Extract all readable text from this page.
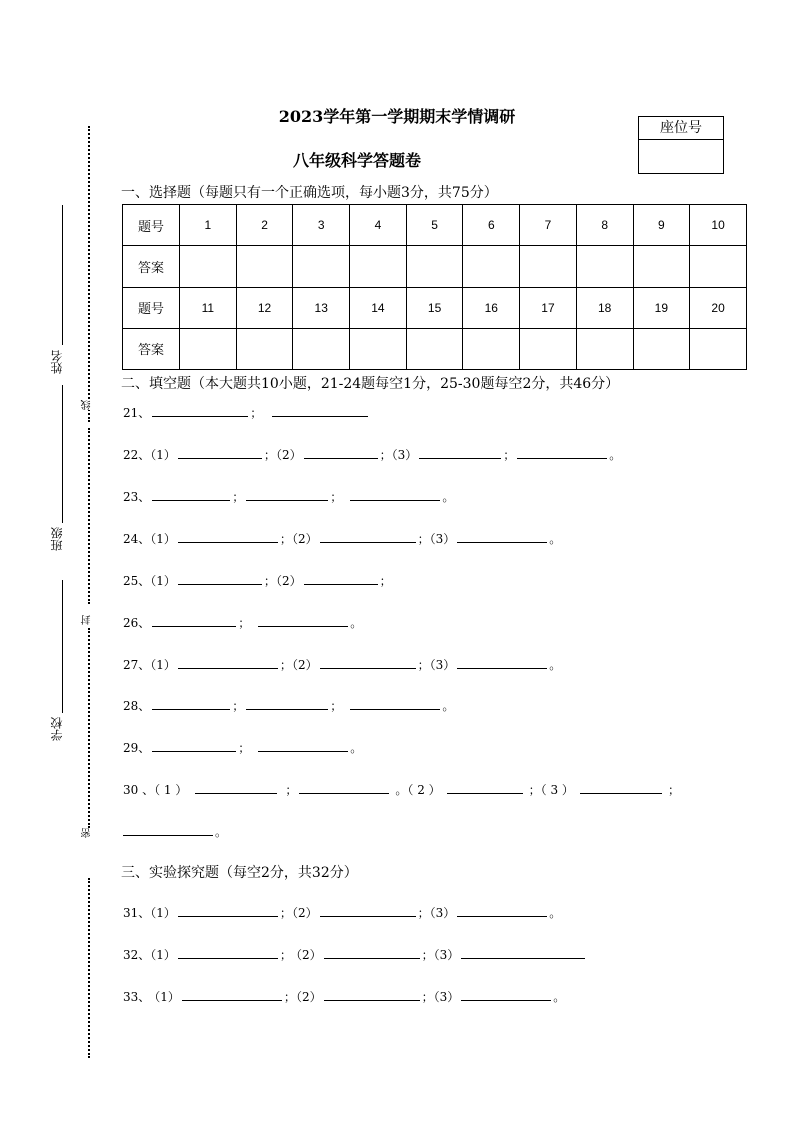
2023学年第一学期期末学情调研
八年级科学答题卷
座位号
线
封
密
姓名
班级
学校
一、选择题（每题只有一个正确选项，每小题3分，共75分）
题号	1	2	3	4	5	6	7	8	9	10
答案										
题号	11	12	13	14	15	16	17	18	19	20
答案										
二、填空题（本大题共10小题，21-24题每空1分，25-30题每空2分，共46分）
21、	；
22、（1）	；（2）	；（3）	；	。
23、	；	；	。
24、（1）	；（2）	；（3）	。
25、（1）	；（2）	；
26、	；	。
27、（1）	；（2）	；（3）	。
28、	；	；	。
29、	；	。
30 、（ 1 ）	；	。（ 2 ）	；（ 3 ）	；
。
三、实验探究题（每空2分，共32分）
31、（1）	；（2）	；（3）	。
32、（1）	； （2）	；（3）
33、 （1）	；（2）	；（3）	。
